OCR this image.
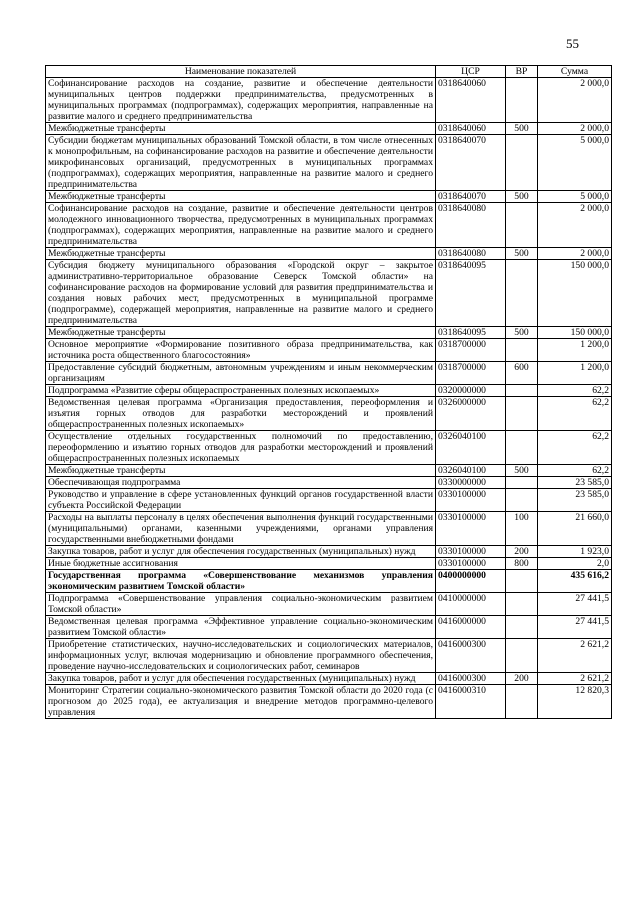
55
Наименование показателей	ЦСР	ВР	Сумма
Софинансирование расходов на создание, развитие и обеспечение деятельности муниципальных центров поддержки предпринимательства, предусмотренных в муниципальных программах (подпрограммах), содержащих мероприятия, направленные на развитие малого и среднего предпринимательства	0318640060		2 000,0
Межбюджетные трансферты	0318640060	500	2 000,0
Субсидии бюджетам муниципальных образований Томской области, в том числе отнесенных к монопрофильным, на софинансирование расходов на развитие и обеспечение деятельности микрофинансовых организаций, предусмотренных в муниципальных программах (подпрограммах), содержащих мероприятия, направленные на развитие малого и среднего предпринимательства	0318640070		5 000,0
Межбюджетные трансферты	0318640070	500	5 000,0
Софинансирование расходов на создание, развитие и обеспечение деятельности центров молодежного инновационного творчества, предусмотренных в муниципальных программах (подпрограммах), содержащих мероприятия, направленные на развитие малого и среднего предпринимательства	0318640080		2 000,0
Межбюджетные трансферты	0318640080	500	2 000,0
Субсидия бюджету муниципального образования «Городской округ – закрытое административно-территориальное образование Северск Томской области» на софинансирование расходов на формирование условий для развития предпринимательства и создания новых рабочих мест, предусмотренных в муниципальной программе (подпрограмме), содержащей мероприятия, направленные на развитие малого и среднего предпринимательства	0318640095		150 000,0
Межбюджетные трансферты	0318640095	500	150 000,0
Основное мероприятие «Формирование позитивного образа предпринимательства, как источника роста общественного благосостояния»	0318700000		1 200,0
Предоставление субсидий бюджетным, автономным учреждениям и иным некоммерческим организациям	0318700000	600	1 200,0
Подпрограмма «Развитие сферы общераспространенных полезных ископаемых»	0320000000		62,2
Ведомственная целевая программа «Организация предоставления, переоформления и изъятия горных отводов для разработки месторождений и проявлений общераспространенных полезных ископаемых»	0326000000		62,2
Осуществление отдельных государственных полномочий по предоставлению, переоформлению и изъятию горных отводов для разработки месторождений и проявлений общераспространенных полезных ископаемых	0326040100		62,2
Межбюджетные трансферты	0326040100	500	62,2
Обеспечивающая подпрограмма	0330000000		23 585,0
Руководство и управление в сфере установленных функций органов государственной власти субъекта Российской Федерации	0330100000		23 585,0
Расходы на выплаты персоналу в целях обеспечения выполнения функций государственными (муниципальными) органами, казенными учреждениями, органами управления государственными внебюджетными фондами	0330100000	100	21 660,0
Закупка товаров, работ и услуг для обеспечения государственных (муниципальных) нужд	0330100000	200	1 923,0
Иные бюджетные ассигнования	0330100000	800	2,0
Государственная программа «Совершенствование механизмов управления экономическим развитием Томской области»	0400000000		435 616,2
Подпрограмма «Совершенствование управления социально-экономическим развитием Томской области»	0410000000		27 441,5
Ведомственная целевая программа «Эффективное управление социально-экономическим развитием Томской области»	0416000000		27 441,5
Приобретение статистических, научно-исследовательских и социологических материалов, информационных услуг, включая модернизацию и обновление программного обеспечения, проведение научно-исследовательских и социологических работ, семинаров	0416000300		2 621,2
Закупка товаров, работ и услуг для обеспечения государственных (муниципальных) нужд	0416000300	200	2 621,2
Мониторинг Стратегии социально-экономического развития Томской области до 2020 года (с прогнозом до 2025 года), ее актуализация и внедрение методов программно-целевого управления	0416000310		12 820,3
